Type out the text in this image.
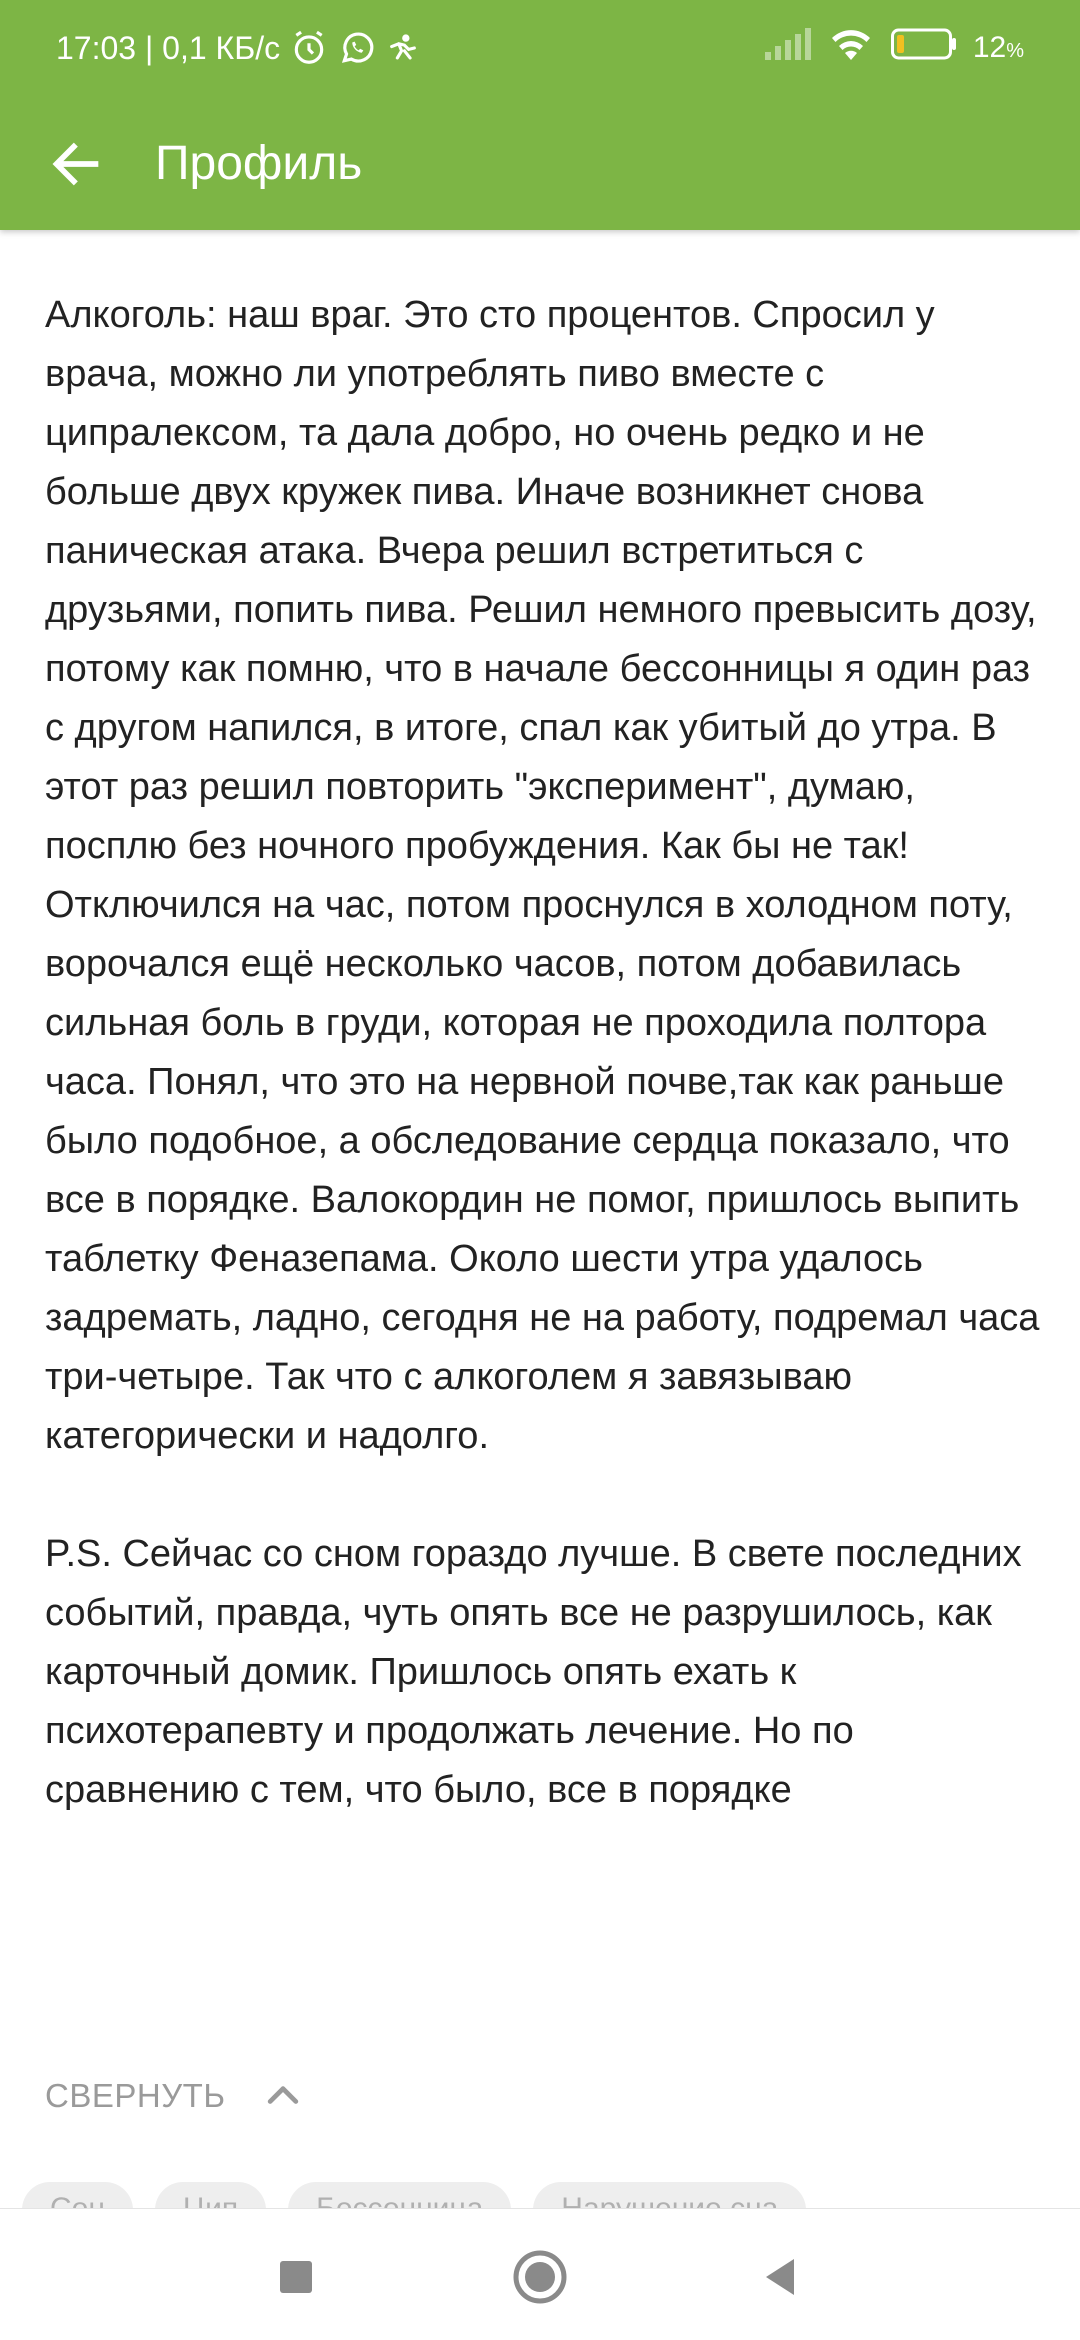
17:03 | 0,1 КБ/с	12%
Профиль

Алкоголь: наш враг. Это сто процентов. Спросил у врача, можно ли употреблять пиво вместе с ципралексом, та дала добро, но очень редко и не больше двух кружек пива. Иначе возникнет снова паническая атака. Вчера решил встретиться с друзьями, попить пива. Решил немного превысить дозу, потому как помню, что в начале бессонницы я один раз с другом напился, в итоге, спал как убитый до утра. В этот раз решил повторить "эксперимент", думаю, посплю без ночного пробуждения. Как бы не так! Отключился на час, потом проснулся в холодном поту, ворочался ещё несколько часов, потом добавилась сильная боль в груди, которая не проходила полтора часа. Понял, что это на нервной почве,так как раньше было подобное, а обследование сердца показало, что все в порядке. Валокордин не помог, пришлось выпить таблетку Феназепама. Около шести утра удалось задремать, ладно, сегодня не на работу, подремал часа три-четыре. Так что с алкоголем я завязываю категорически и надолго.

P.S. Сейчас со сном гораздо лучше. В свете последних событий, правда, чуть опять все не разрушилось, как карточный домик. Пришлось опять ехать к психотерапевту и продолжать лечение. Но по сравнению с тем, что было, все в порядке

СВЕРНУТЬ
